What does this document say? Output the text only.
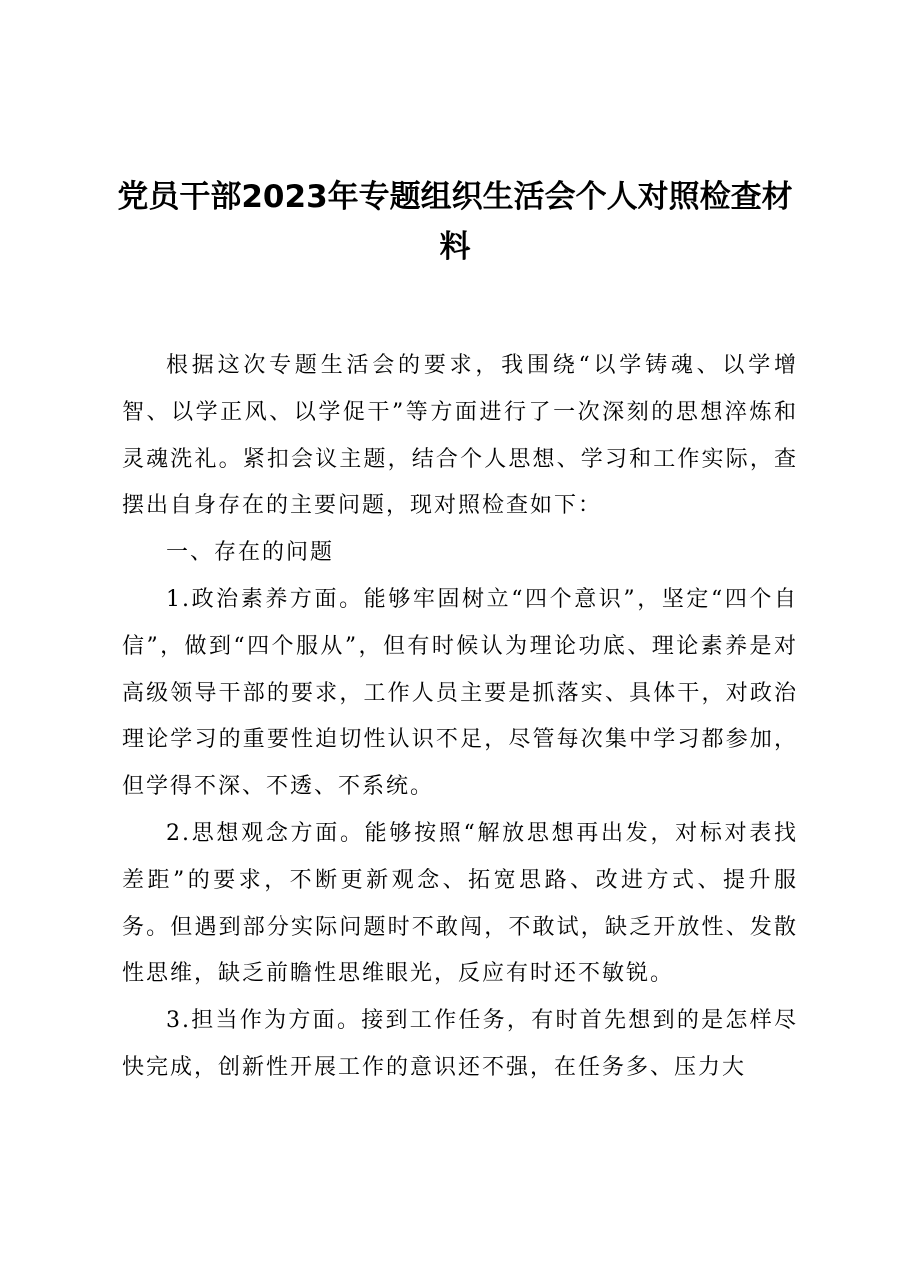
党员干部2023年专题组织生活会个人对照检查材料

根据这次专题生活会的要求，我围绕“以学铸魂、以学增智、以学正风、以学促干”等方面进行了一次深刻的思想淬炼和灵魂洗礼。紧扣会议主题，结合个人思想、学习和工作实际，查摆出自身存在的主要问题，现对照检查如下：

一、存在的问题

1.政治素养方面。能够牢固树立“四个意识”，坚定“四个自信”，做到“四个服从”，但有时候认为理论功底、理论素养是对高级领导干部的要求，工作人员主要是抓落实、具体干，对政治理论学习的重要性迫切性认识不足，尽管每次集中学习都参加，但学得不深、不透、不系统。

2.思想观念方面。能够按照“解放思想再出发，对标对表找差距”的要求，不断更新观念、拓宽思路、改进方式、提升服务。但遇到部分实际问题时不敢闯，不敢试，缺乏开放性、发散性思维，缺乏前瞻性思维眼光，反应有时还不敏锐。

3.担当作为方面。接到工作任务，有时首先想到的是怎样尽快完成，创新性开展工作的意识还不强，在任务多、压力大
